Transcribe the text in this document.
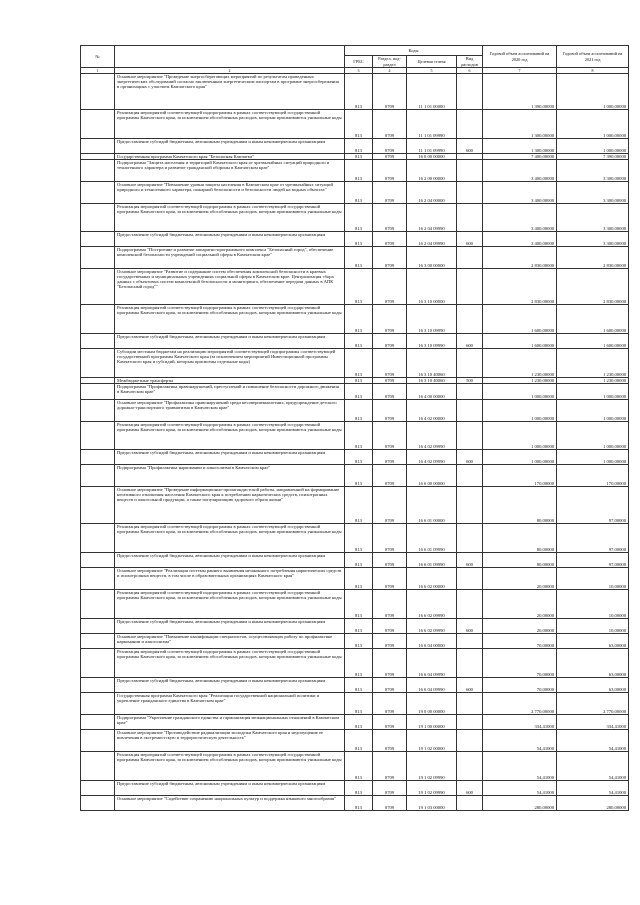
№		Коды				Годовой объем ассигнований на 2020 год	Годовой объем ассигнований на 2021 год
		ГРБС	Раздел, под-раздел	Целевая статья	Вид расходов		
1	2	3	4	5	6	7	8
	Основное мероприятие "Проведение энергосберегающих мероприятий по результатам проведенных энергетических обследований согласно заключенным энергетическим паспортам в программе энергосбережения в организациях с участием Камчатского края"	813	0709	11 1 01 00000		1 390,00000	1 000,00000
	Реализация мероприятий соответствующей подпрограммы в рамках соответствующей государственной программы Камчатского края, за исключением обособленных расходов, которым присваиваются уникальные коды	813	0709	11 1 01 09990		1 300,00000	1 000,00000
	Предоставление субсидий бюджетным, автономным учреждениям и иным некоммерческим организациям	813	0709	11 1 01 09990	600	1 300,00000	1 000,00000
	Государственная программа Камчатского края "Безопасная Камчатка"	813	0709	16 0 00 00000		7 400,00000	7 390,00000
	Подпрограмма "Защита населения и территорий Камчатского края от чрезвычайных ситуаций природного и техногенного характера и развитие гражданской обороны в Камчатском крае"	813	0709	16 2 00 00000		3 400,00000	3 300,00000
	Основное мероприятие "Повышение уровня защиты населения в Камчатском крае от чрезвычайных ситуаций природного и техногенного характера, пожарной безопасности и безопасности людей на водных объектах"	813	0709	16 2 04 00000		3 400,00000	3 300,00000
	Реализация мероприятий соответствующей подпрограммы в рамках соответствующей государственной программы Камчатского края, за исключением обособленных расходов, которым присваиваются уникальные коды	813	0709	16 2 04 09990		3 400,00000	3 300,00000
	Предоставление субсидий бюджетным, автономным учреждениям и иным некоммерческим организациям	813	0709	16 2 04 09990	600	3 400,00000	3 300,00000
	Подпрограмма "Построение и развитие аппаратно-программного комплекса "Безопасный город", обеспечение комплексной безопасности учреждений социальной сферы в Камчатском крае"	813	0709	16 3 00 00000		2 830,00000	2 830,00000
	Основное мероприятие "Развитие и содержание систем обеспечения комплексной безопасности в краевых государственных и муниципальных учреждениях социальной сферы в Камчатском крае. Централизация сбора данных с объектовых систем комплексной безопасности и мониторинга, обеспечение передачи данных в АПК "Безопасный город""	813	0709	16 3 10 00000		2 830,00000	2 830,00000
	Реализация мероприятий соответствующей подпрограммы в рамках соответствующей государственной программы Камчатского края, за исключением обособленных расходов, которым присваиваются уникальные коды	813	0709	16 3 10 09990		1 600,00000	1 600,00000
	Предоставление субсидий бюджетным, автономным учреждениям и иным некоммерческим организациям	813	0709	16 3 10 09990	600	1 600,00000	1 600,00000
	Субсидии местным бюджетам на реализацию мероприятий соответствующей подпрограммы соответствующей государственной программы Камчатского края (за исключением мероприятий Инвестиционной программы Камчатского края и субсидий, которым присвоены отдельные коды)	813	0709	16 3 10 40060		1 230,00000	1 230,00000
	Межбюджетные трансферты	813	0709	16 3 10 40060	500	1 230,00000	1 230,00000
	Подпрограмма "Профилактика правонарушений, преступлений и повышение безопасности дорожного движения в Камчатском крае"	813	0709	16 4 00 00000		1 000,00000	1 000,00000
	Основное мероприятие "Профилактика правонарушений среди несовершеннолетних, предупреждение детского дорожно-транспортного травматизма в Камчатском крае"	813	0709	16 4 02 00000		1 000,00000	1 000,00000
	Реализация мероприятий соответствующей подпрограммы в рамках соответствующей государственной программы Камчатского края, за исключением обособленных расходов, которым присваиваются уникальные коды	813	0709	16 4 02 09990		1 000,00000	1 000,00000
	Предоставление субсидий бюджетным, автономным учреждениям и иным некоммерческим организациям	813	0709	16 4 02 09990	600	1 000,00000	1 000,00000
	Подпрограмма "Профилактика наркомании и алкоголизма в Камчатском крае"	813	0709	16 6 00 00000		170,00000	170,00000
	Основное мероприятие "Проведение информационно-пропагандистской работы, направленной на формирование негативного отношения населения Камчатского края к потреблению наркотических средств, психотропных веществ и алкогольной продукции, а также популяризацию здорового образа жизни"	813	0709	16 6 01 00000		80,00000	97,00000
	Реализация мероприятий соответствующей подпрограммы в рамках соответствующей государственной программы Камчатского края, за исключением обособленных расходов, которым присваиваются уникальные коды	813	0709	16 6 01 09990		80,00000	97,00000
	Предоставление субсидий бюджетным, автономным учреждениям и иным некоммерческим организациям	813	0709	16 6 01 09990	600	80,00000	97,00000
	Основное мероприятие "Реализация системы раннего выявления незаконного потребления наркотических средств и психотропных веществ, в том числе в образовательных организациях Камчатского края"	813	0709	16 6 02 00000		20,00000	10,00000
	Реализация мероприятий соответствующей подпрограммы в рамках соответствующей государственной программы Камчатского края, за исключением обособленных расходов, которым присваиваются уникальные коды	813	0709	16 6 02 09990		20,00000	10,00000
	Предоставление субсидий бюджетным, автономным учреждениям и иным некоммерческим организациям	813	0709	16 6 02 09990	600	20,00000	10,00000
	Основное мероприятие "Повышение квалификации специалистов, осуществляющих работу по профилактике наркомании и алкоголизма"	813	0709	16 6 04 00000		70,00000	63,00000
	Реализация мероприятий соответствующей подпрограммы в рамках соответствующей государственной программы Камчатского края, за исключением обособленных расходов, которым присваиваются уникальные коды	813	0709	16 6 04 09990		70,00000	63,00000
	Предоставление субсидий бюджетным, автономным учреждениям и иным некоммерческим организациям	813	0709	16 6 04 09990	600	70,00000	63,00000
	Государственная программа Камчатского края "Реализация государственной национальной политики и укрепление гражданского единства в Камчатском крае"	813	0709	19 0 00 00000		2 770,00000	2 770,00000
	Подпрограмма "Укрепление гражданского единства и гармонизация межнациональных отношений в Камчатском крае"	813	0709	19 1 00 00000		334,41000	334,41000
	Основное мероприятие "Противодействие радикализации молодежи Камчатского края и недопущение ее вовлечения в экстремистскую и террористическую деятельность"	813	0709	19 1 02 00000		54,41000	54,41000
	Реализация мероприятий соответствующей подпрограммы в рамках соответствующей государственной программы Камчатского края, за исключением обособленных расходов, которым присваиваются уникальные коды	813	0709	19 1 02 09990		54,41000	54,41000
	Предоставление субсидий бюджетным, автономным учреждениям и иным некоммерческим организациям	813	0709	19 1 02 09990	600	54,41000	54,41000
	Основное мероприятие "Содействие сохранению национальных культур и поддержка языкового многообразия"	813	0709	19 1 03 00000		280,00000	280,00000
